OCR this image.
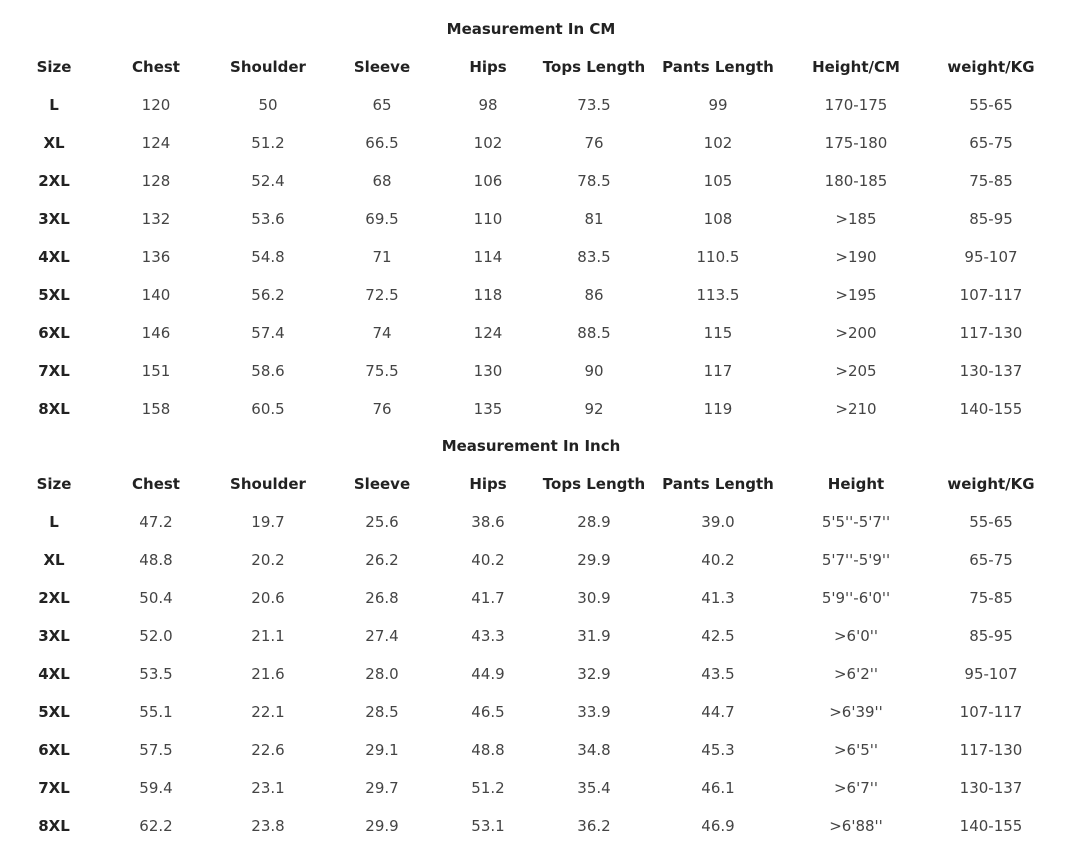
Measurement In CM
Size	Chest	Shoulder	Sleeve	Hips	Tops Length	Pants Length	Height/CM	weight/KG
L	120	50	65	98	73.5	99	170-175	55-65
XL	124	51.2	66.5	102	76	102	175-180	65-75
2XL	128	52.4	68	106	78.5	105	180-185	75-85
3XL	132	53.6	69.5	110	81	108	>185	85-95
4XL	136	54.8	71	114	83.5	110.5	>190	95-107
5XL	140	56.2	72.5	118	86	113.5	>195	107-117
6XL	146	57.4	74	124	88.5	115	>200	117-130
7XL	151	58.6	75.5	130	90	117	>205	130-137
8XL	158	60.5	76	135	92	119	>210	140-155
Measurement In Inch
Size	Chest	Shoulder	Sleeve	Hips	Tops Length	Pants Length	Height	weight/KG
L	47.2	19.7	25.6	38.6	28.9	39.0	5'5''-5'7''	55-65
XL	48.8	20.2	26.2	40.2	29.9	40.2	5'7''-5'9''	65-75
2XL	50.4	20.6	26.8	41.7	30.9	41.3	5'9''-6'0''	75-85
3XL	52.0	21.1	27.4	43.3	31.9	42.5	>6'0''	85-95
4XL	53.5	21.6	28.0	44.9	32.9	43.5	>6'2''	95-107
5XL	55.1	22.1	28.5	46.5	33.9	44.7	>6'39''	107-117
6XL	57.5	22.6	29.1	48.8	34.8	45.3	>6'5''	117-130
7XL	59.4	23.1	29.7	51.2	35.4	46.1	>6'7''	130-137
8XL	62.2	23.8	29.9	53.1	36.2	46.9	>6'88''	140-155
